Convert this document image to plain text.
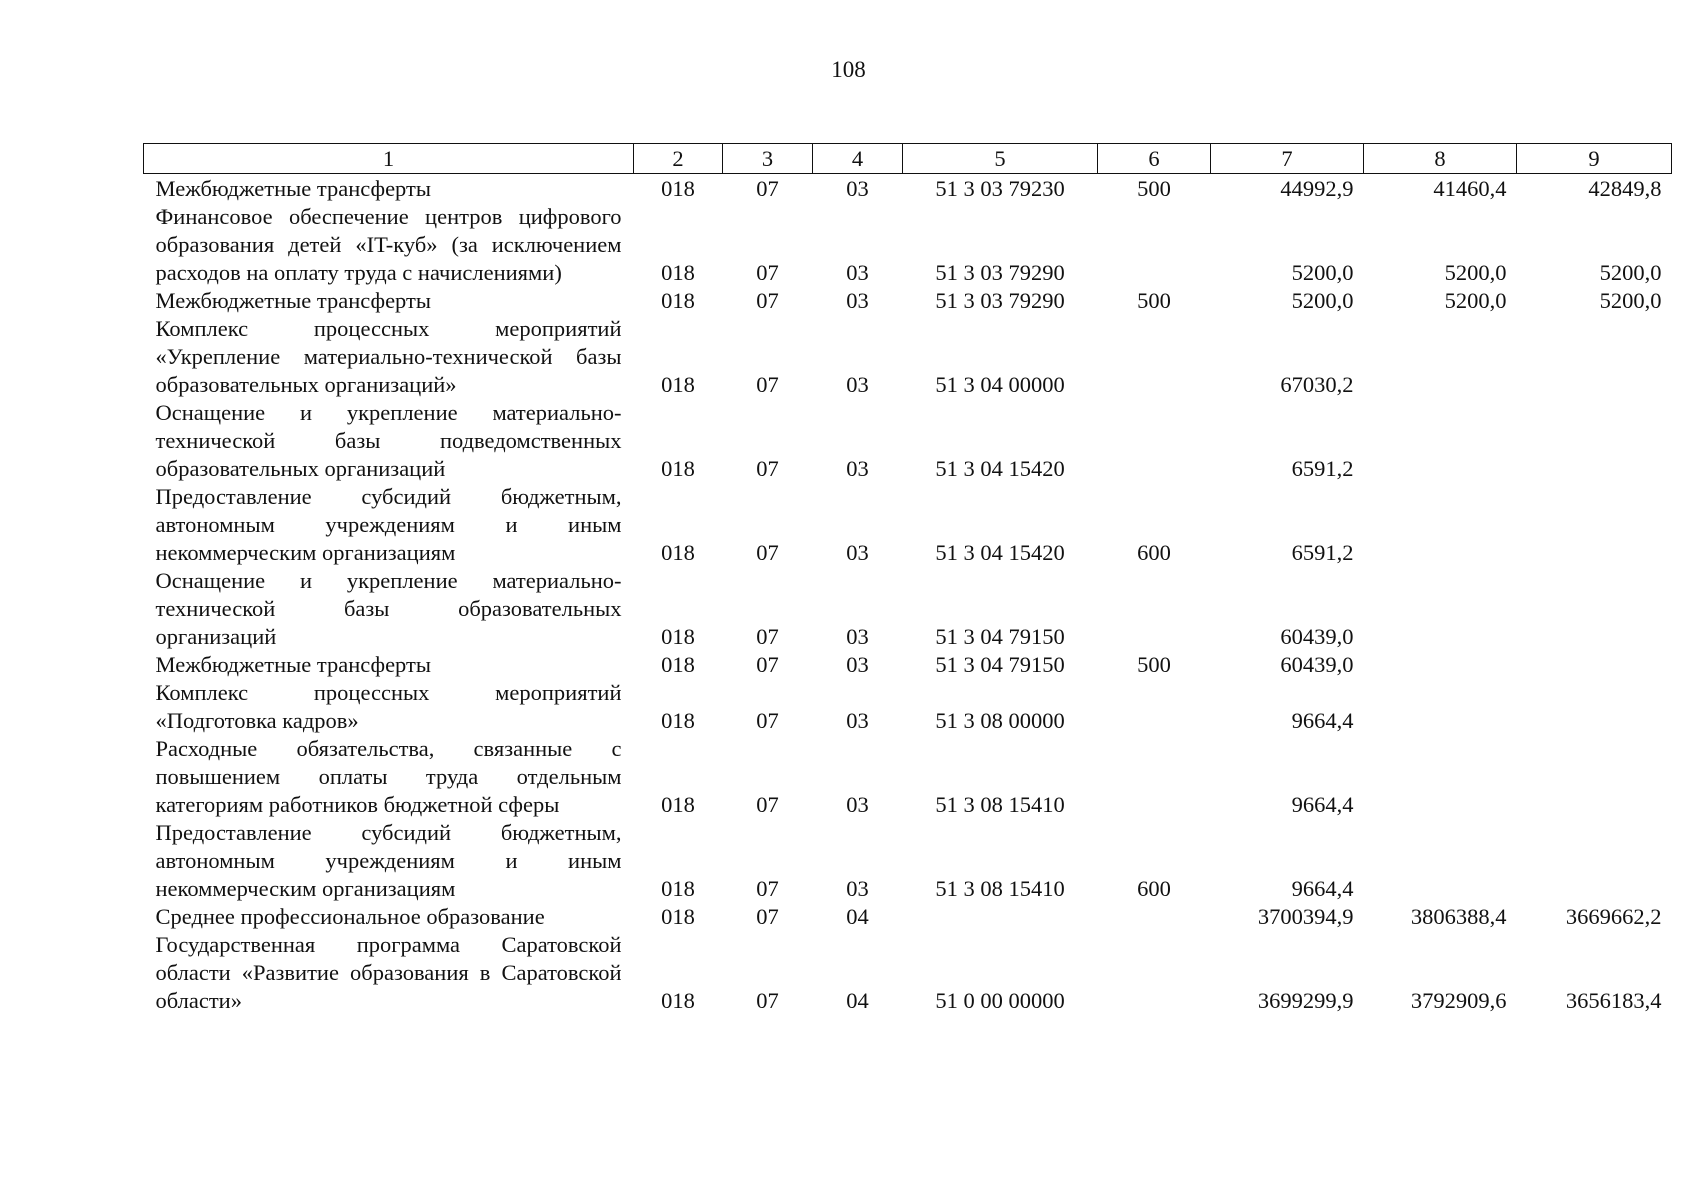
108
1	2	3	4	5	6	7	8	9
Межбюджетные трансферты	018	07	03	51 3 03 79230	500	44992,9	41460,4	42849,8
Финансовое обеспечение центров цифрового образования детей «IT-куб» (за исключением расходов на оплату труда с начислениями)	018	07	03	51 3 03 79290		5200,0	5200,0	5200,0
Межбюджетные трансферты	018	07	03	51 3 03 79290	500	5200,0	5200,0	5200,0
Комплекс процессных мероприятий «Укрепление материально-технической базы образовательных организаций»	018	07	03	51 3 04 00000		67030,2		
Оснащение и укрепление материально-технической базы подведомственных образовательных организаций	018	07	03	51 3 04 15420		6591,2		
Предоставление субсидий бюджетным, автономным учреждениям и иным некоммерческим организациям	018	07	03	51 3 04 15420	600	6591,2		
Оснащение и укрепление материально-технической базы образовательных организаций	018	07	03	51 3 04 79150		60439,0		
Межбюджетные трансферты	018	07	03	51 3 04 79150	500	60439,0		
Комплекс процессных мероприятий «Подготовка кадров»	018	07	03	51 3 08 00000		9664,4		
Расходные обязательства, связанные с повышением оплаты труда отдельным категориям работников бюджетной сферы	018	07	03	51 3 08 15410		9664,4		
Предоставление субсидий бюджетным, автономным учреждениям и иным некоммерческим организациям	018	07	03	51 3 08 15410	600	9664,4		
Среднее профессиональное образование	018	07	04			3700394,9	3806388,4	3669662,2
Государственная программа Саратовской области «Развитие образования в Саратовской области»	018	07	04	51 0 00 00000		3699299,9	3792909,6	3656183,4
